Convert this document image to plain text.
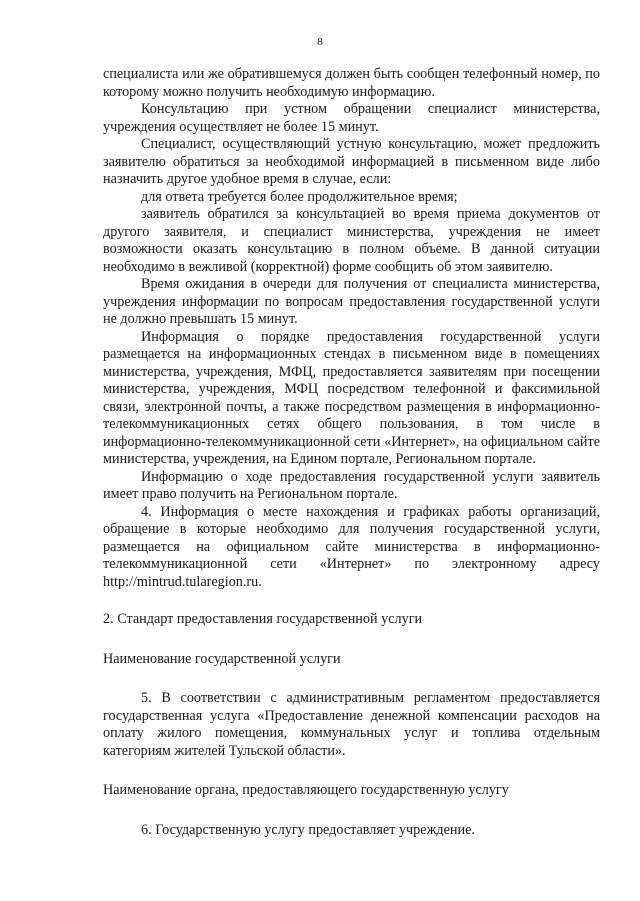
8

специалиста или же обратившемуся должен быть сообщен телефонный номер, по которому можно получить необходимую информацию.

Консультацию при устном обращении специалист министерства, учреждения осуществляет не более 15 минут.

Специалист, осуществляющий устную консультацию, может предложить заявителю обратиться за необходимой информацией в письменном виде либо назначить другое удобное время в случае, если:

для ответа требуется более продолжительное время;

заявитель обратился за консультацией во время приема документов от другого заявителя, и специалист министерства, учреждения не имеет возможности оказать консультацию в полном объеме. В данной ситуации необходимо в вежливой (корректной) форме сообщить об этом заявителю.

Время ожидания в очереди для получения от специалиста министерства, учреждения информации по вопросам предоставления государственной услуги не должно превышать 15 минут.

Информация о порядке предоставления государственной услуги размещается на информационных стендах в письменном виде в помещениях министерства, учреждения, МФЦ, предоставляется заявителям при посещении министерства, учреждения, МФЦ посредством телефонной и факсимильной связи, электронной почты, а также посредством размещения в информационно-телекоммуникационных сетях общего пользования, в том числе в информационно-телекоммуникационной сети «Интернет», на официальном сайте министерства, учреждения, на Едином портале, Региональном портале.

Информацию о ходе предоставления государственной услуги заявитель имеет право получить на Региональном портале.

4. Информация о месте нахождения и графиках работы организаций, обращение в которые необходимо для получения государственной услуги, размещается на официальном сайте министерства в информационно-телекоммуникационной сети «Интернет» по электронному адресу http://mintrud.tularegion.ru.

2. Стандарт предоставления государственной услуги

Наименование государственной услуги

5. В соответствии с административным регламентом предоставляется государственная услуга «Предоставление денежной компенсации расходов на оплату жилого помещения, коммунальных услуг и топлива отдельным категориям жителей Тульской области».

Наименование органа, предоставляющего государственную услугу

6. Государственную услугу предоставляет учреждение.
